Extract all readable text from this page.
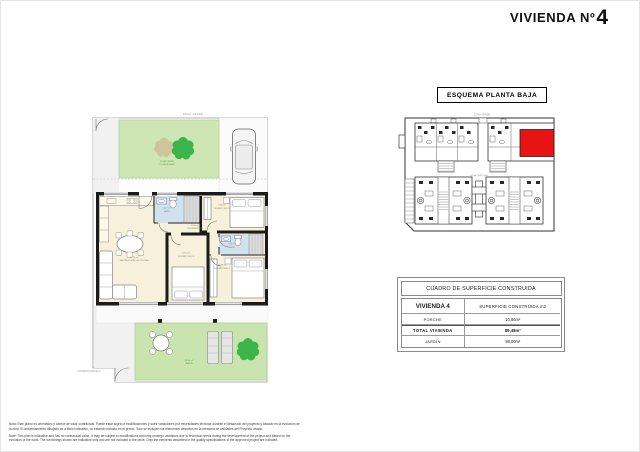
VIVIENDA Nº 4
ZONA VERDE
ZONA VERDE
COMUNITARIA
24,76 m²
SALÓN-COMEDOR-COCINA
4,20 m²
BAÑO
9,85 m²
DORMITORIO 2
4,06 m²
DISTRIBUIDOR
8,90 m²
DORMITORIO 3
3,95 m²
BAÑO
11,80 m²
DORMITORIO 1
98,00 m²
JARDÍN
INTERIOR PARCELA
ESQUEMA PLANTA BAJA
ZONA VERDE
ZONA PEATONAL
CUADRO DE SUPERFICIE CONSTRUIDA
VIVIENDA 4	SUPERFICIE CONSTRUIDA m2
PORCHE	10,86m²
TOTAL VIVIENDA	89,48m²
JARDÍN	98,00m²

Nota: Este plano es orientativo y carece de valor contractual. Puede estar sujeto a modificaciones y sufrir variaciones por necesidades técnicas durante el desarrollo del proyecto y basado en la evolución de la obra. El amueblamiento dibujado es a título indicativo, no estando incluido en el precio. Sólo se incluyen los elementos descritos en la memoria de calidades del Proyecto visado.

Note: This plan is indicative and has no contractual value. It may be subject to modifications and may undergo variations due to technical needs during the development of the project and based on the evolution of the work. The furnishings shown are indicative only and are not included in the price. Only the elements described in the quality specifications of the approved project are included.
